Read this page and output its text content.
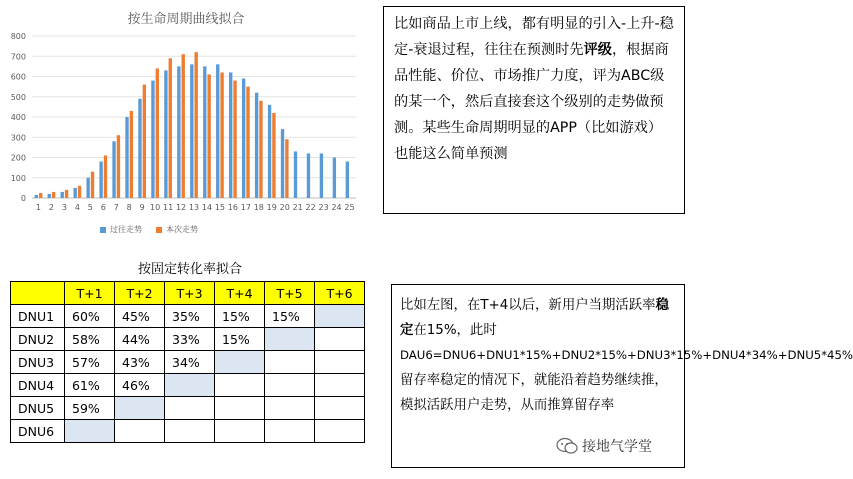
按生命周期曲线拟合
0
100
200
300
400
500
600
700
800
1 2 3 4 5 6 7 8 9 10 11 12 13 14 15 16 17 18 19 20 21 22 23 24 25
过往走势	本次走势
比如商品上市上线，都有明显的引入-上升-稳定-衰退过程，往往在预测时先评级，根据商品性能、价位、市场推广力度，评为ABC级的某一个，然后直接套这个级别的走势做预测。某些生命周期明显的APP（比如游戏）也能这么简单预测
按固定转化率拟合
	T+1	T+2	T+3	T+4	T+5	T+6
DNU1	60%	45%	35%	15%	15%	
DNU2	58%	44%	33%	15%		
DNU3	57%	43%	34%			
DNU4	61%	46%				
DNU5	59%					
DNU6						
比如左图，在T+4以后，新用户当期活跃率稳定在15%，此时
DAU6=DNU6+DNU1*15%+DNU2*15%+DNU3*15%+DNU4*34%+DNU5*45%留存率稳定的情况下，就能沿着趋势继续推，模拟活跃用户走势，从而推算留存率
接地气学堂
